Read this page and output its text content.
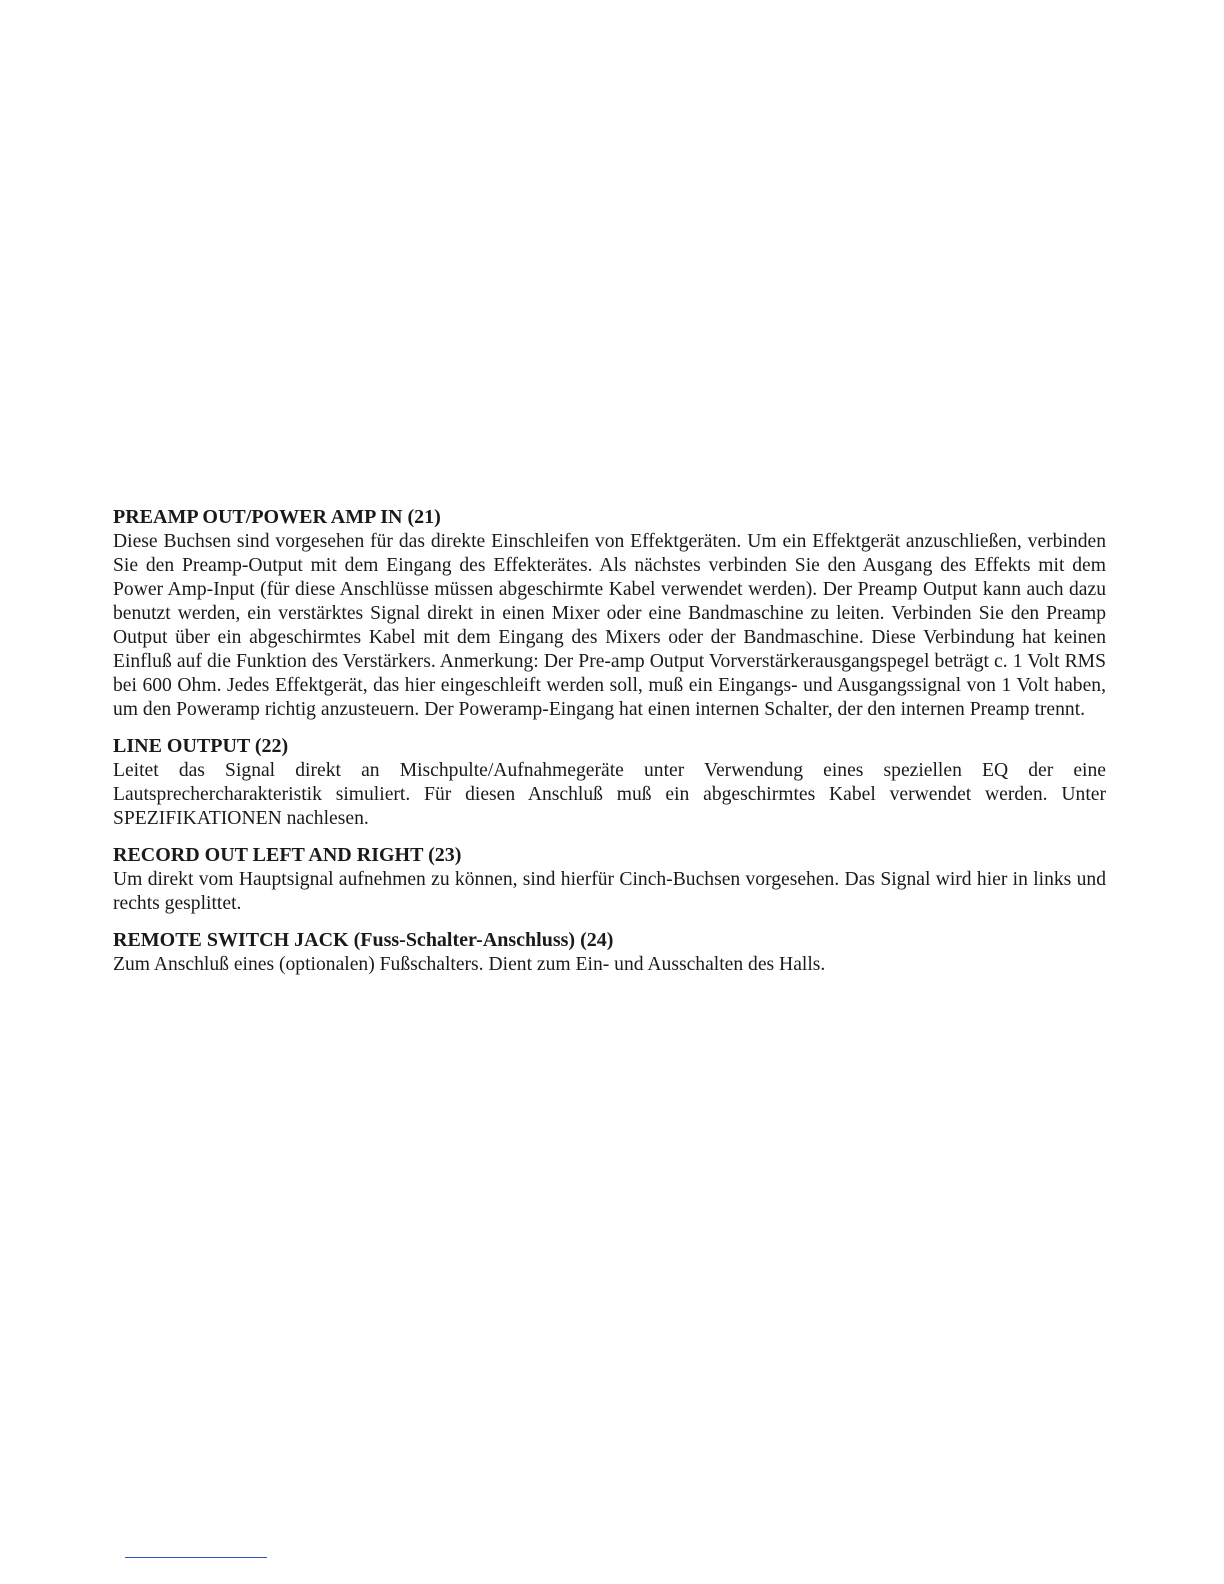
PREAMP OUT/POWER AMP IN (21)

Diese Buchsen sind vorgesehen für das direkte Einschleifen von Effektgeräten. Um ein Effektgerät anzuschließen, verbinden Sie den Preamp-Output mit dem Eingang des Effekterätes. Als nächstes verbinden Sie den Ausgang des Effekts mit dem Power Amp-Input (für diese Anschlüsse müssen abgeschirmte Kabel verwendet werden). Der Preamp Output kann auch dazu benutzt werden, ein verstärktes Signal direkt in einen Mixer oder eine Bandmaschine zu leiten. Verbinden Sie den Preamp Output über ein abgeschirmtes Kabel mit dem Eingang des Mixers oder der Bandmaschine. Diese Verbindung hat keinen Einfluß auf die Funktion des Verstärkers. Anmerkung: Der Pre-amp Output Vorverstärkerausgangspegel beträgt c. 1 Volt RMS bei 600 Ohm. Jedes Effektgerät, das hier eingeschleift werden soll, muß ein Eingangs- und Ausgangssignal von 1 Volt haben, um den Poweramp richtig anzusteuern. Der Poweramp-Eingang hat einen internen Schalter, der den internen Preamp trennt.

LINE OUTPUT (22)

Leitet das Signal direkt an Mischpulte/Aufnahmegeräte unter Verwendung eines speziellen EQ der eine Lautsprechercharakteristik simuliert. Für diesen Anschluß muß ein abgeschirmtes Kabel verwendet werden. Unter SPEZIFIKATIONEN nachlesen.

RECORD OUT LEFT AND RIGHT (23)

Um direkt vom Hauptsignal aufnehmen zu können, sind hierfür Cinch-Buchsen vorgesehen. Das Signal wird hier in links und rechts gesplittet.

REMOTE SWITCH JACK (Fuss-Schalter-Anschluss) (24)

Zum Anschluß eines (optionalen) Fußschalters. Dient zum Ein- und Ausschalten des Halls.
